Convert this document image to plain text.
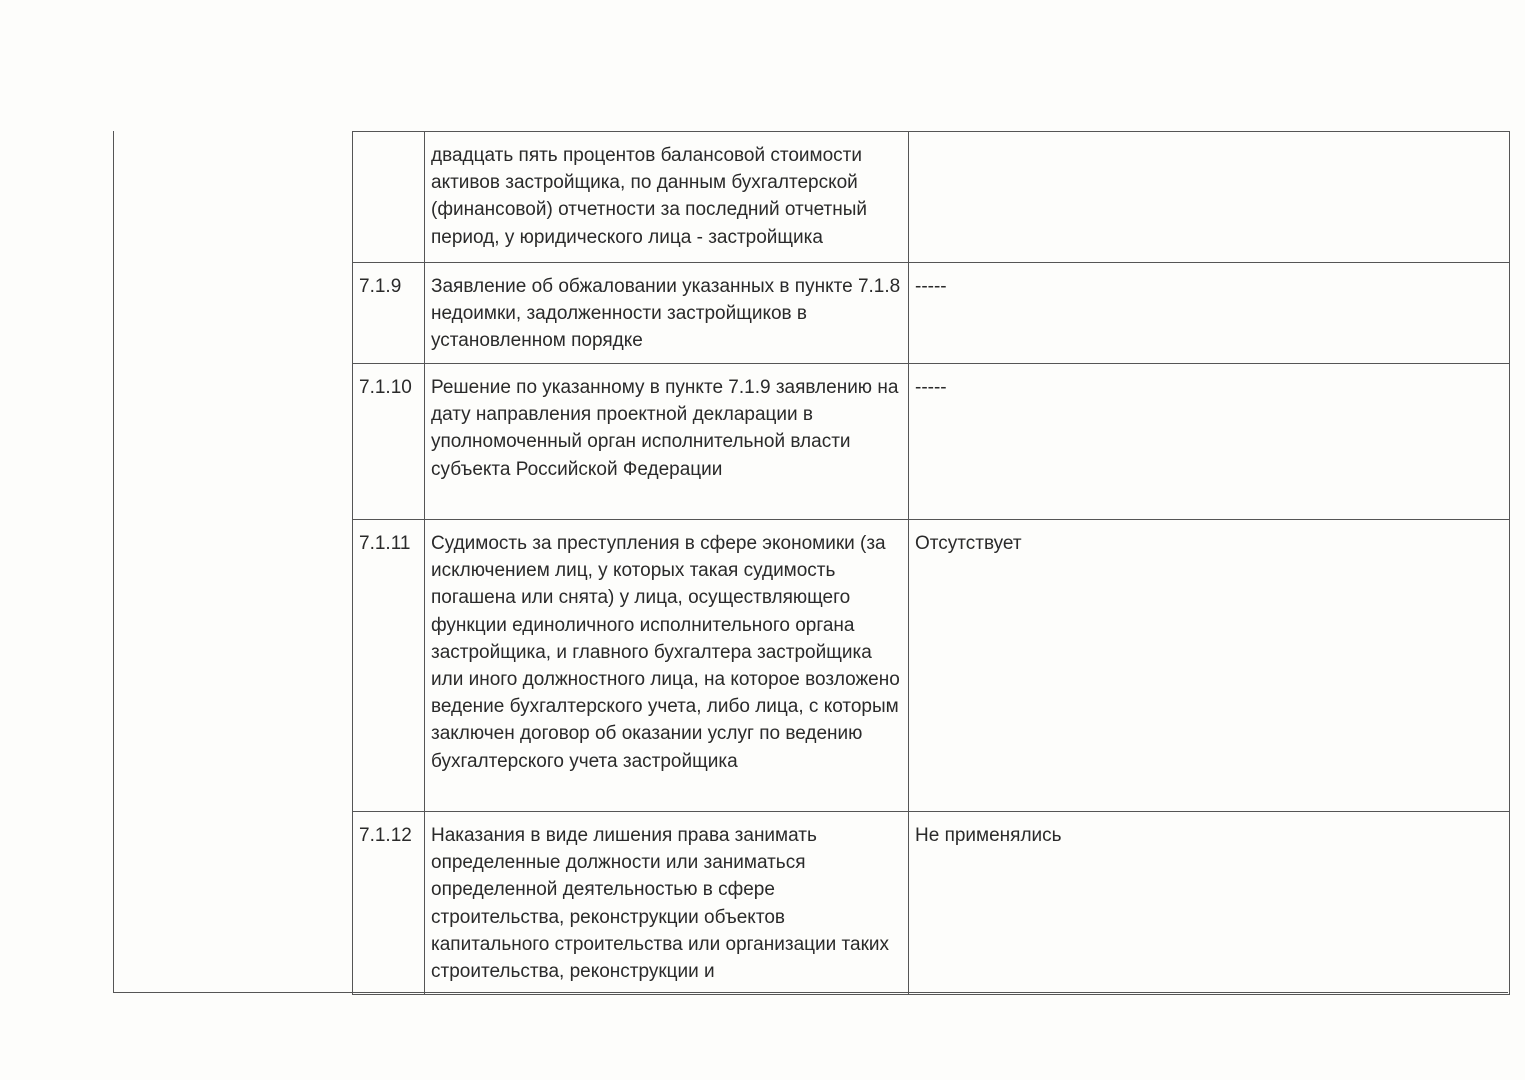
	двадцать пять процентов балансовой стоимости активов застройщика, по данным бухгалтерской (финансовой) отчетности за последний отчетный период, у юридического лица - застройщика	
7.1.9	Заявление об обжаловании указанных в пункте 7.1.8 недоимки, задолженности застройщиков в установленном порядке	-----
7.1.10	Решение по указанному в пункте 7.1.9 заявлению на дату направления проектной декларации в уполномоченный орган исполнительной власти субъекта Российской Федерации	-----
7.1.11	Судимость за преступления в сфере экономики (за исключением лиц, у которых такая судимость погашена или снята) у лица, осуществляющего функции единоличного исполнительного органа застройщика, и главного бухгалтера застройщика или иного должностного лица, на которое возложено ведение бухгалтерского учета, либо лица, с которым заключен договор об оказании услуг по ведению бухгалтерского учета застройщика	Отсутствует
7.1.12	Наказания в виде лишения права занимать определенные должности или заниматься определенной деятельностью в сфере строительства, реконструкции объектов капитального строительства или организации таких строительства, реконструкции и	Не применялись
